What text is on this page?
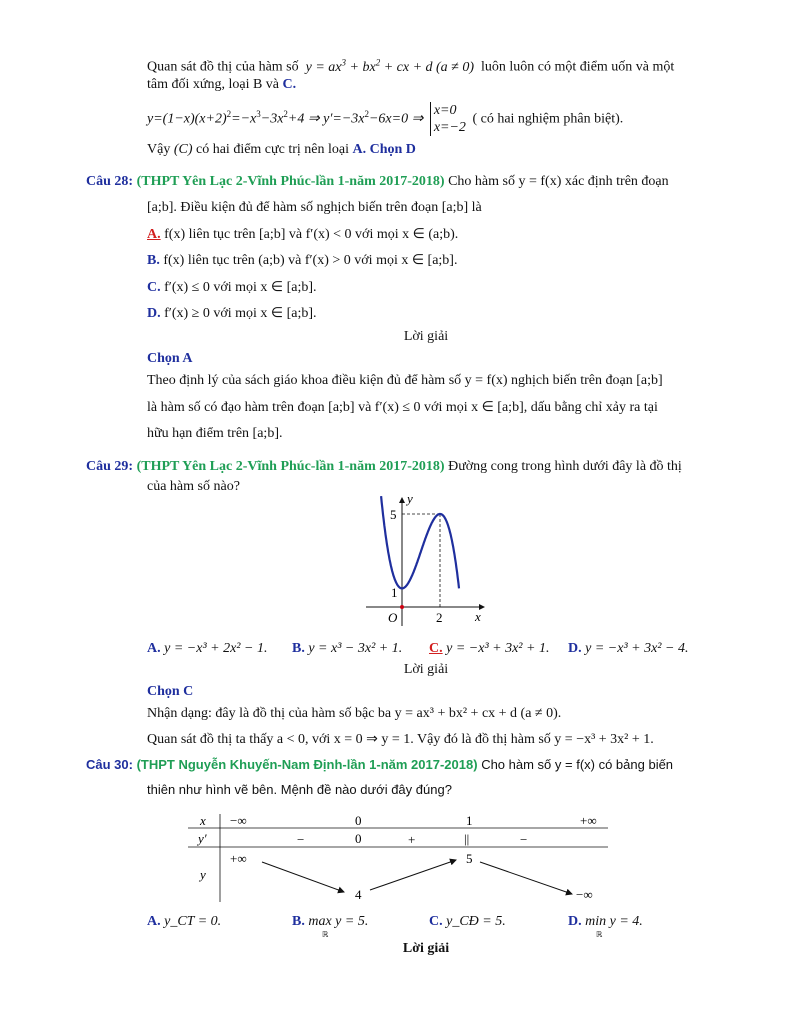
Quan sát đồ thị của hàm số  $y = ax^3 + bx^2$ + cx + d (a ≠ 0)  luôn luôn có một điểm uốn và một
tâm đối xứng, loại B và C.
$y=(1-x)(x+2)^2=-x^3-3x^2+4$ ⇒ $y'=-3x^2-6x=0$ ⇒ x=0
x=−2 ( có hai nghiệm phân biệt).
Vậy (C) có hai điểm cực trị nên loại A. Chọn D
Câu 28: (THPT Yên Lạc 2-Vĩnh Phúc-lần 1-năm 2017-2018) Cho hàm số y = f(x) xác định trên đoạn
[a;b]. Điều kiện đủ để hàm số nghịch biến trên đoạn [a;b] là
A. f(x) liên tục trên [a;b] và f′(x) < 0 với mọi x ∈ (a;b).
B. f(x) liên tục trên (a;b) và f′(x) > 0 với mọi x ∈ [a;b].
C. f′(x) ≤ 0 với mọi x ∈ [a;b].
D. f′(x) ≥ 0 với mọi x ∈ [a;b].
Lời giải
Chọn A
Theo định lý của sách giáo khoa điều kiện đủ để hàm số y = f(x) nghịch biến trên đoạn [a;b]
là hàm số có đạo hàm trên đoạn [a;b] và f′(x) ≤ 0 với mọi x ∈ [a;b], dấu bằng chỉ xảy ra tại
hữu hạn điểm trên [a;b].
Câu 29: (THPT Yên Lạc 2-Vĩnh Phúc-lần 1-năm 2017-2018) Đường cong trong hình dưới đây là đồ thị
của hàm số nào?
y
x
O
5
1
2
A. y = −x³ + 2x² − 1. B. y = x³ − 3x² + 1. C. y = −x³ + 3x² + 1. D. y = −x³ + 3x² − 4.
Lời giải
Chọn C
Nhận dạng: đây là đồ thị của hàm số bậc ba y = ax³ + bx² + cx + d (a ≠ 0).
Quan sát đồ thị ta thấy a < 0, với x = 0 ⇒ y = 1. Vậy đó là đồ thị hàm số y = −x³ + 3x² + 1.
Câu 30: (THPT Nguyễn Khuyến-Nam Định-lần 1-năm 2017-2018) Cho hàm số y = f(x) có bảng biến
thiên như hình vẽ bên. Mệnh đề nào dưới đây đúng?
x
y′
y
−∞	0	1	+∞
−	0	+	||	−
+∞
4
5
−∞
A. y_CT = 0.	B. max y = 5.
ℝ
C. y_CĐ = 5.	D. min y = 4.
ℝ
Lời giải
